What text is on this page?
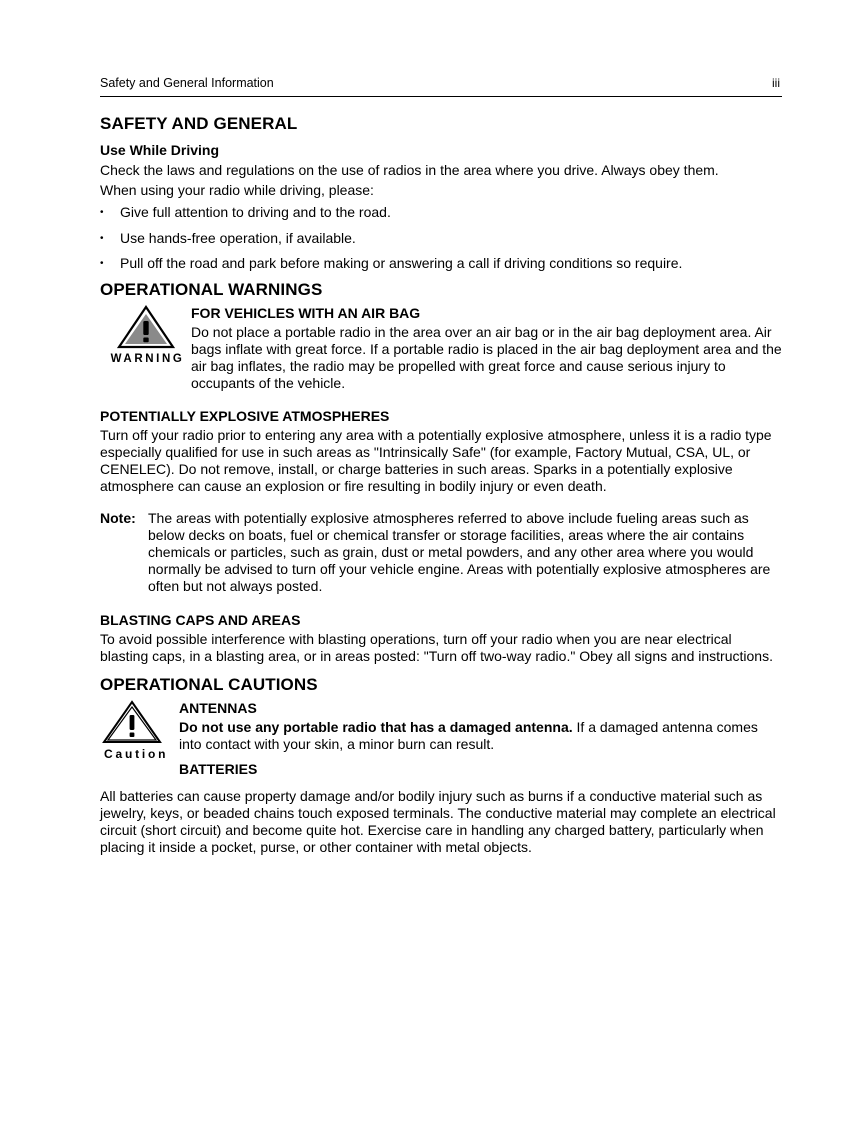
Safety and General Information	iii
SAFETY AND GENERAL
Use While Driving

Check the laws and regulations on the use of radios in the area where you drive. Always obey them.

When using your radio while driving, please:

• Give full attention to driving and to the road.
• Use hands-free operation, if available.
• Pull off the road and park before making or answering a call if driving conditions so require.
OPERATIONAL WARNINGS
WARNING
FOR VEHICLES WITH AN AIR BAG

Do not place a portable radio in the area over an air bag or in the air bag deployment area. Air bags inflate with great force. If a portable radio is placed in the air bag deployment area and the air bag inflates, the radio may be propelled with great force and cause serious injury to occupants of the vehicle.

POTENTIALLY EXPLOSIVE ATMOSPHERES

Turn off your radio prior to entering any area with a potentially explosive atmosphere, unless it is a radio type especially qualified for use in such areas as "Intrinsically Safe" (for example, Factory Mutual, CSA, UL, or CENELEC). Do not remove, install, or charge batteries in such areas. Sparks in a potentially explosive atmosphere can cause an explosion or fire resulting in bodily injury or even death.

Note: The areas with potentially explosive atmospheres referred to above include fueling areas such as below decks on boats, fuel or chemical transfer or storage facilities, areas where the air contains chemicals or particles, such as grain, dust or metal powders, and any other area where you would normally be advised to turn off your vehicle engine. Areas with potentially explosive atmospheres are often but not always posted.
BLASTING CAPS AND AREAS

To avoid possible interference with blasting operations, turn off your radio when you are near electrical blasting caps, in a blasting area, or in areas posted: "Turn off two-way radio." Obey all signs and instructions.

OPERATIONAL CAUTIONS
Caution
ANTENNAS

Do not use any portable radio that has a damaged antenna. If a damaged antenna comes into contact with your skin, a minor burn can result.

BATTERIES

All batteries can cause property damage and/or bodily injury such as burns if a conductive material such as jewelry, keys, or beaded chains touch exposed terminals. The conductive material may complete an electrical circuit (short circuit) and become quite hot. Exercise care in handling any charged battery, particularly when placing it inside a pocket, purse, or other container with metal objects.
